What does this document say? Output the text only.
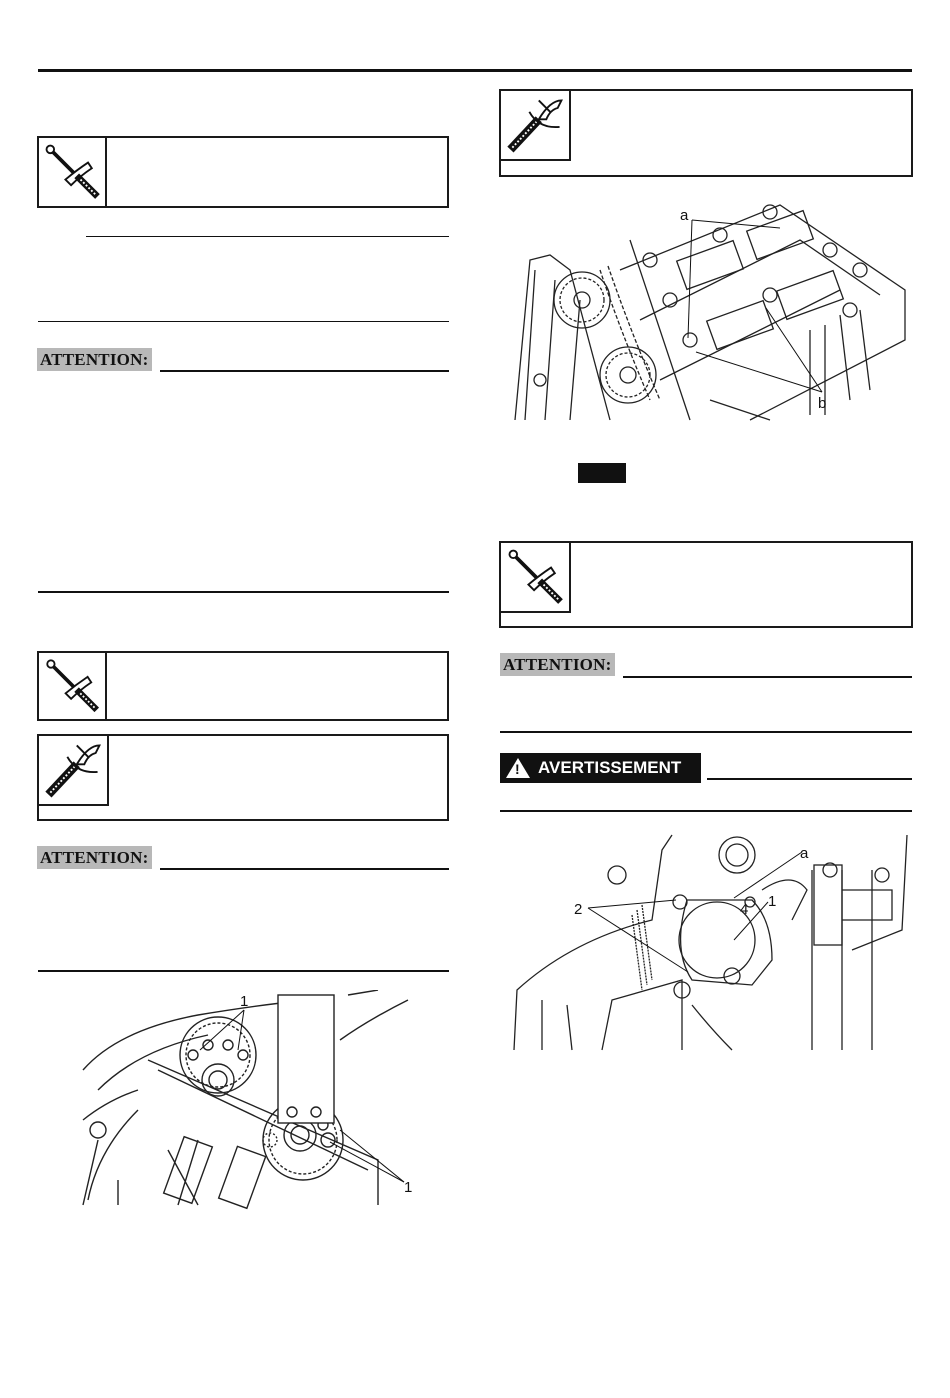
ATTENTION:
ATTENTION:
1
1
a
b
ATTENTION:
! AVERTISSEMENT
a
1
4
2
